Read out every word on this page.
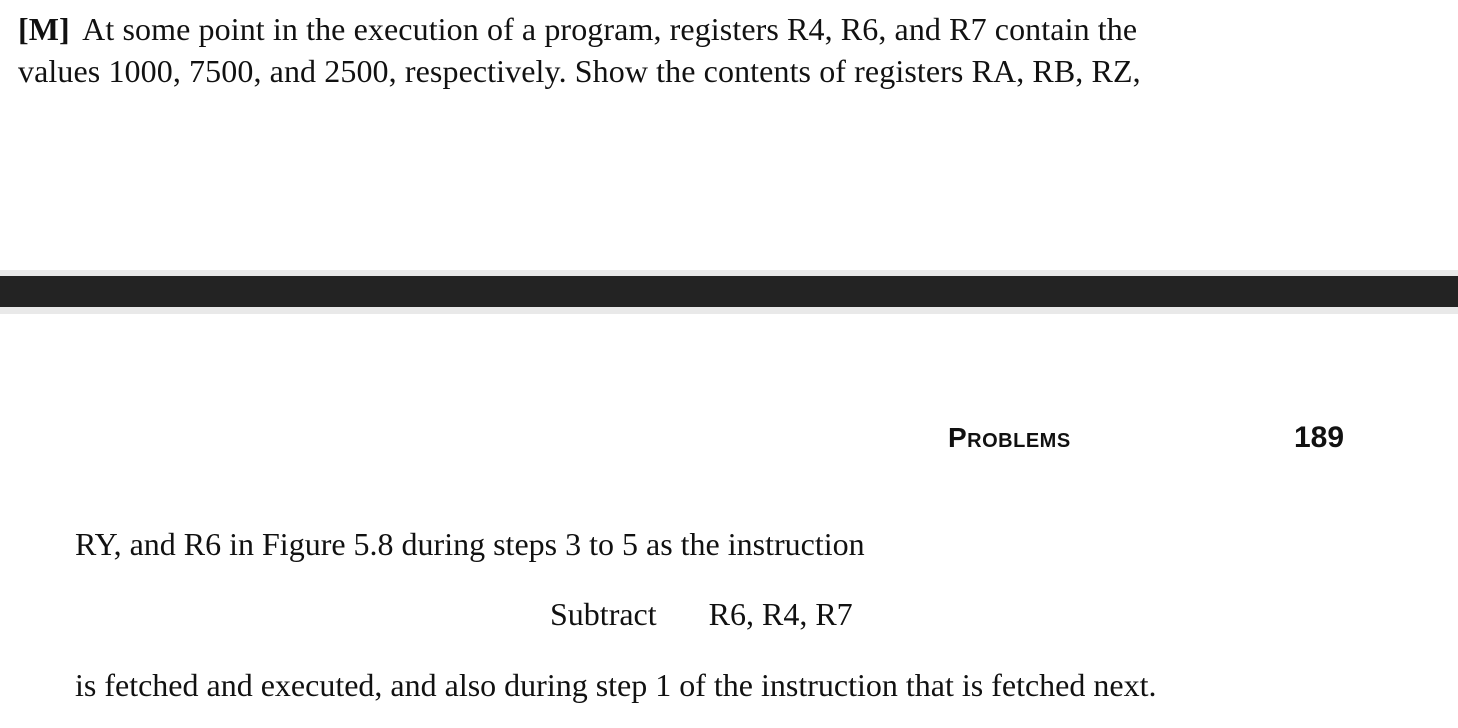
[M] At some point in the execution of a program, registers R4, R6, and R7 contain the
values 1000, 7500, and 2500, respectively. Show the contents of registers RA, RB, RZ,
Problems	189
RY, and R6 in Figure 5.8 during steps 3 to 5 as the instruction
Subtract R6, R4, R7
is fetched and executed, and also during step 1 of the instruction that is fetched next.
